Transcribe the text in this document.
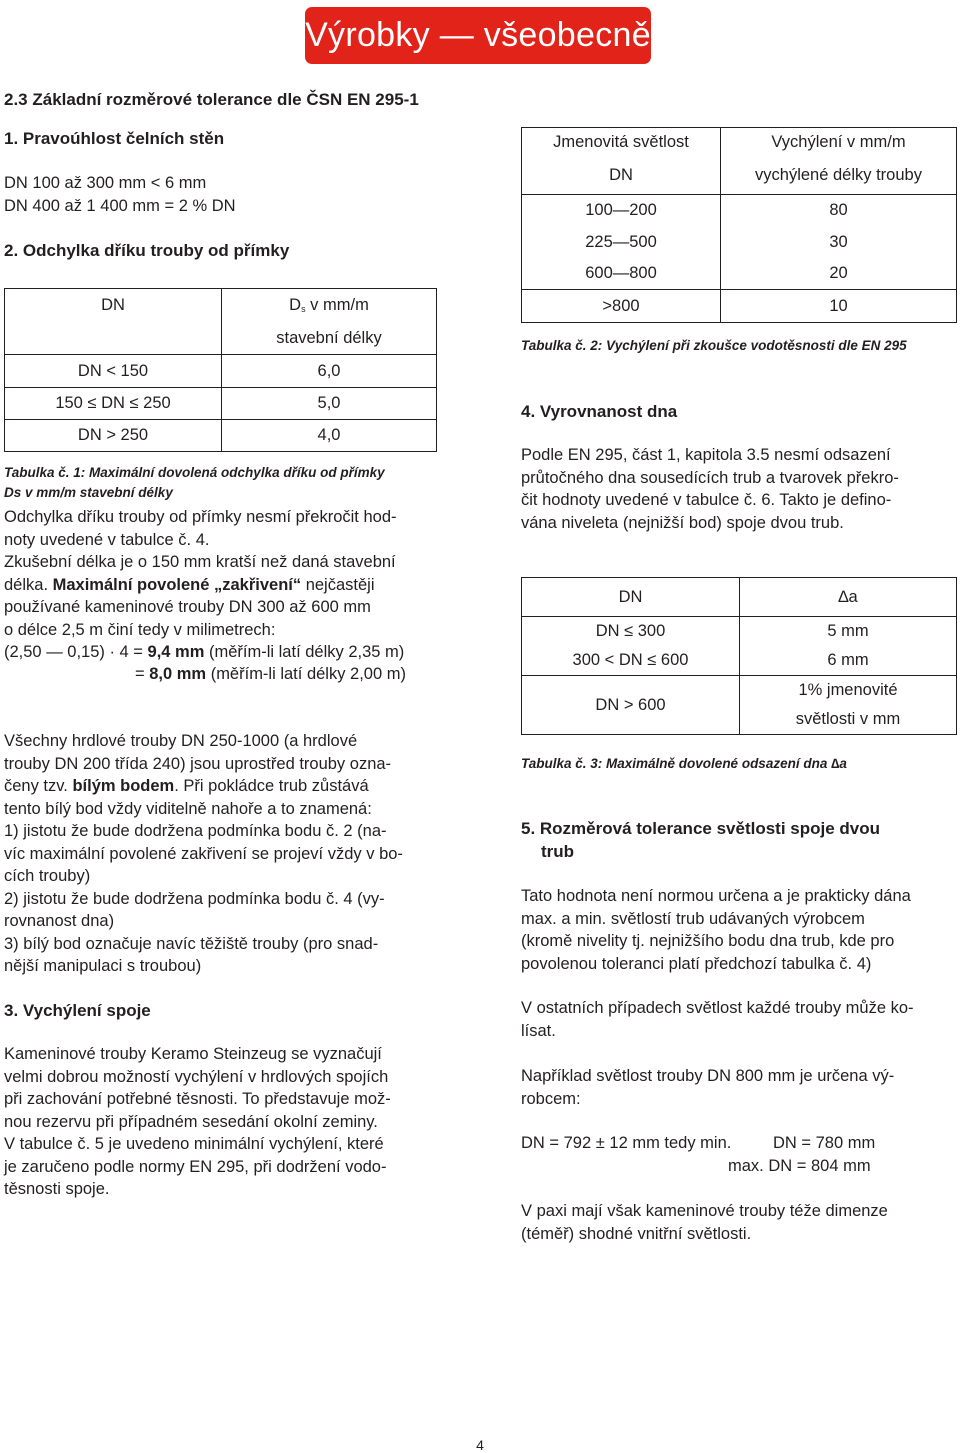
Výrobky — všeobecně
2.3 Základní rozměrové tolerance dle ČSN EN 295-1
1. Pravoúhlost čelních stěn
DN 100 až 300 mm < 6 mm
DN 400 až 1 400 mm = 2 % DN
2. Odchylka dříku trouby od přímky
DN	$D_s$ v mm/m
	stavební délky
DN < 150	6,0
150 ≤ DN ≤ 250	5,0
DN > 250	4,0
Tabulka č. 1: Maximální dovolená odchylka dříku od přímky
Ds v mm/m stavební délky
Odchylka dříku trouby od přímky nesmí překročit hod-
noty uvedené v tabulce č. 4.
Zkušební délka je o 150 mm kratší než daná stavební
délka. Maximální povolené „zakřivení“ nejčastěji
používané kameninové trouby DN 300 až 600 mm
o délce 2,5 m činí tedy v milimetrech:
(2,50 — 0,15) · 4 = 9,4 mm (měřím-li latí délky 2,35 m)
= 8,0 mm (měřím-li latí délky 2,00 m)
Všechny hrdlové trouby DN 250-1000 (a hrdlové
trouby DN 200 třída 240) jsou uprostřed trouby ozna-
čeny tzv. bílým bodem. Při pokládce trub zůstává
tento bílý bod vždy viditelně nahoře a to znamená:
1) jistotu že bude dodržena podmínka bodu č. 2 (na-
víc maximální povolené zakřivení se projeví vždy v bo-
cích trouby)
2) jistotu že bude dodržena podmínka bodu č. 4 (vy-
rovnanost dna)
3) bílý bod označuje navíc těžiště trouby (pro snad-
nější manipulaci s troubou)
3. Vychýlení spoje
Kameninové trouby Keramo Steinzeug se vyznačují
velmi dobrou možností vychýlení v hrdlových spojích
při zachování potřebné těsnosti. To představuje mož-
nou rezervu při případném sesedání okolní zeminy.
V tabulce č. 5 je uvedeno minimální vychýlení, které
je zaručeno podle normy EN 295, při dodržení vodo-
těsnosti spoje.
Jmenovitá světlost	Vychýlení v mm/m
DN	vychýlené délky trouby
100—200	80
225—500	30
600—800	20
>800	10
Tabulka č. 2: Vychýlení při zkoušce vodotěsnosti dle EN 295
4. Vyrovnanost dna
Podle EN 295, část 1, kapitola 3.5 nesmí odsazení
průtočného dna sousedících trub a tvarovek překro-
čit hodnoty uvedené v tabulce č. 6. Takto je defino-
vána niveleta (nejnižší bod) spoje dvou trub.
DN	∆a
DN ≤ 300	5 mm
300 < DN ≤ 600	6 mm
DN > 600	1% jmenovité
světlosti v mm
Tabulka č. 3: Maximálně dovolené odsazení dna ∆a
5. Rozměrová tolerance světlosti spoje dvou
trub
Tato hodnota není normou určena a je prakticky dána
max. a min. světlostí trub udávaných výrobcem
(kromě nivelity tj. nejnižšího bodu dna trub, kde pro
povolenou toleranci platí předchozí tabulka č. 4)
V ostatních případech světlost každé trouby může ko-
lísat.
Například světlost trouby DN 800 mm je určena vý-
robcem:
DN = 792 ± 12 mm tedy min.	DN = 780 mm
max. DN = 804 mm
V paxi mají však kameninové trouby téže dimenze
(téměř) shodné vnitřní světlosti.
4
